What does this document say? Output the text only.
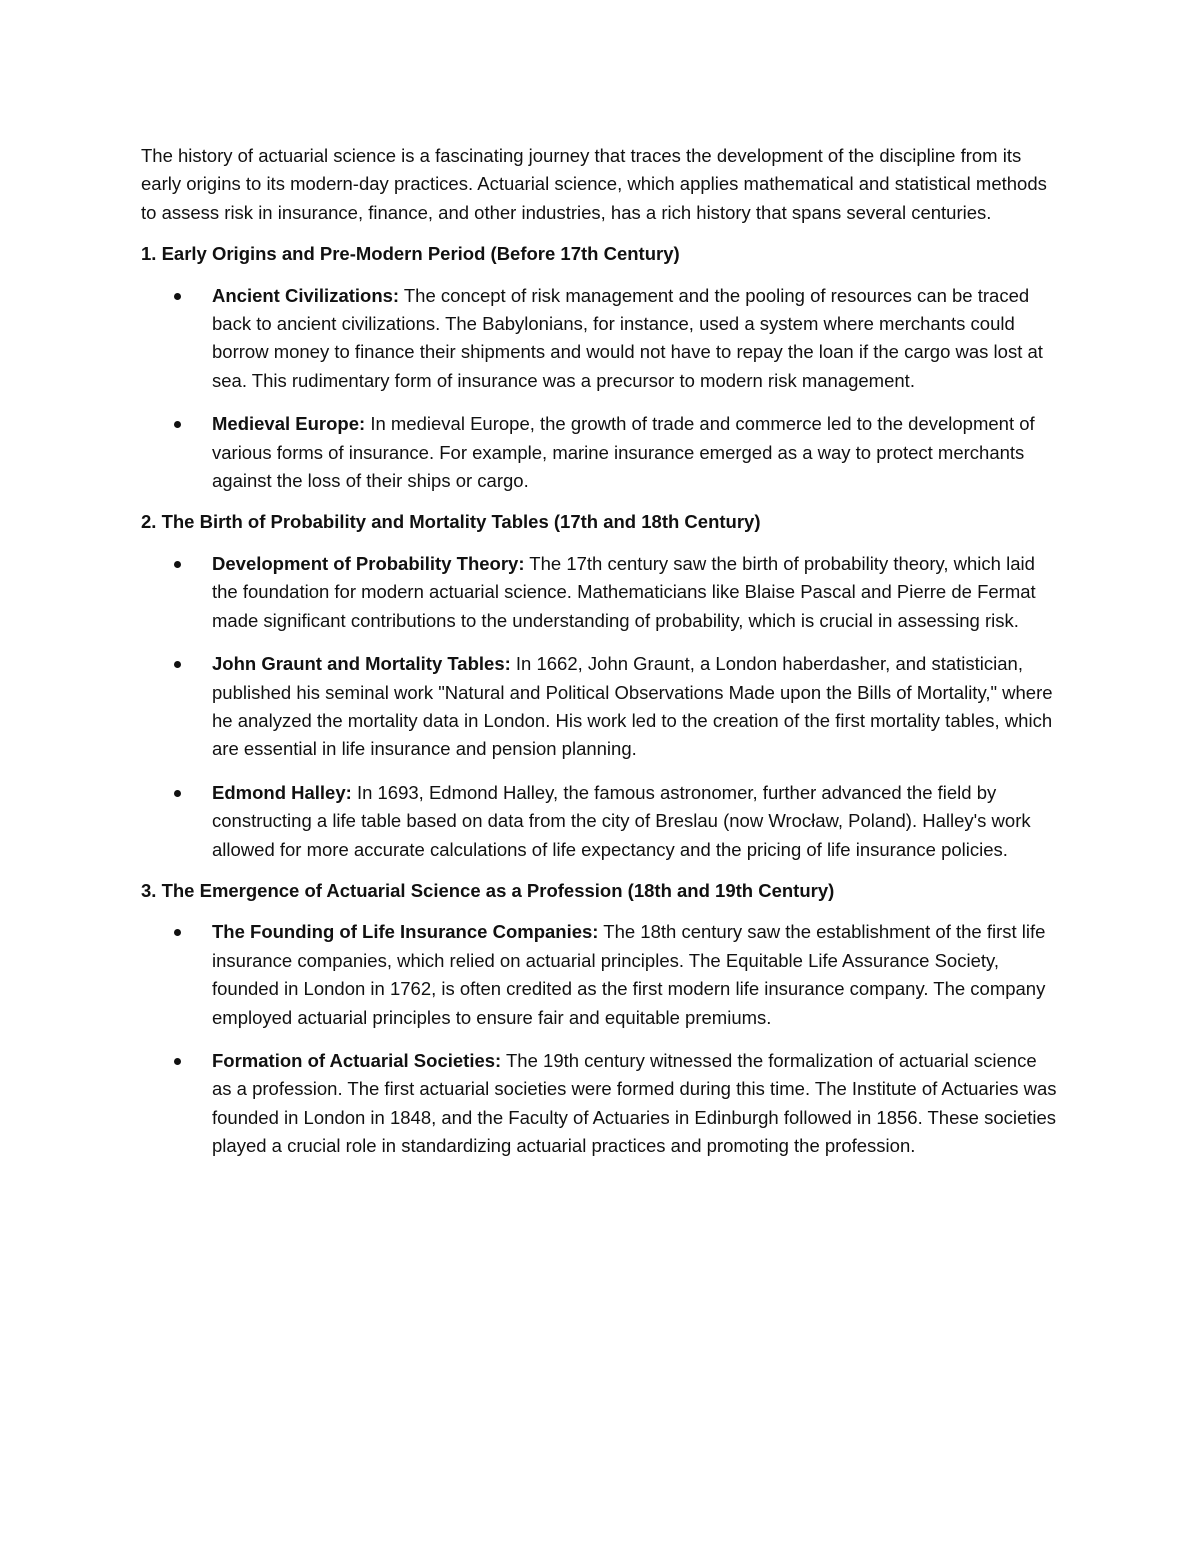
The history of actuarial science is a fascinating journey that traces the development of the discipline from its early origins to its modern-day practices. Actuarial science, which applies mathematical and statistical methods to assess risk in insurance, finance, and other industries, has a rich history that spans several centuries.

1. Early Origins and Pre-Modern Period (Before 17th Century)

Ancient Civilizations: The concept of risk management and the pooling of resources can be traced back to ancient civilizations. The Babylonians, for instance, used a system where merchants could borrow money to finance their shipments and would not have to repay the loan if the cargo was lost at sea. This rudimentary form of insurance was a precursor to modern risk management.
Medieval Europe: In medieval Europe, the growth of trade and commerce led to the development of various forms of insurance. For example, marine insurance emerged as a way to protect merchants against the loss of their ships or cargo.

2. The Birth of Probability and Mortality Tables (17th and 18th Century)

Development of Probability Theory: The 17th century saw the birth of probability theory, which laid the foundation for modern actuarial science. Mathematicians like Blaise Pascal and Pierre de Fermat made significant contributions to the understanding of probability, which is crucial in assessing risk.
John Graunt and Mortality Tables: In 1662, John Graunt, a London haberdasher, and statistician, published his seminal work "Natural and Political Observations Made upon the Bills of Mortality," where he analyzed the mortality data in London. His work led to the creation of the first mortality tables, which are essential in life insurance and pension planning.
Edmond Halley: In 1693, Edmond Halley, the famous astronomer, further advanced the field by constructing a life table based on data from the city of Breslau (now Wrocław, Poland). Halley's work allowed for more accurate calculations of life expectancy and the pricing of life insurance policies.

3. The Emergence of Actuarial Science as a Profession (18th and 19th Century)

The Founding of Life Insurance Companies: The 18th century saw the establishment of the first life insurance companies, which relied on actuarial principles. The Equitable Life Assurance Society, founded in London in 1762, is often credited as the first modern life insurance company. The company employed actuarial principles to ensure fair and equitable premiums.
Formation of Actuarial Societies: The 19th century witnessed the formalization of actuarial science as a profession. The first actuarial societies were formed during this time. The Institute of Actuaries was founded in London in 1848, and the Faculty of Actuaries in Edinburgh followed in 1856. These societies played a crucial role in standardizing actuarial practices and promoting the profession.
